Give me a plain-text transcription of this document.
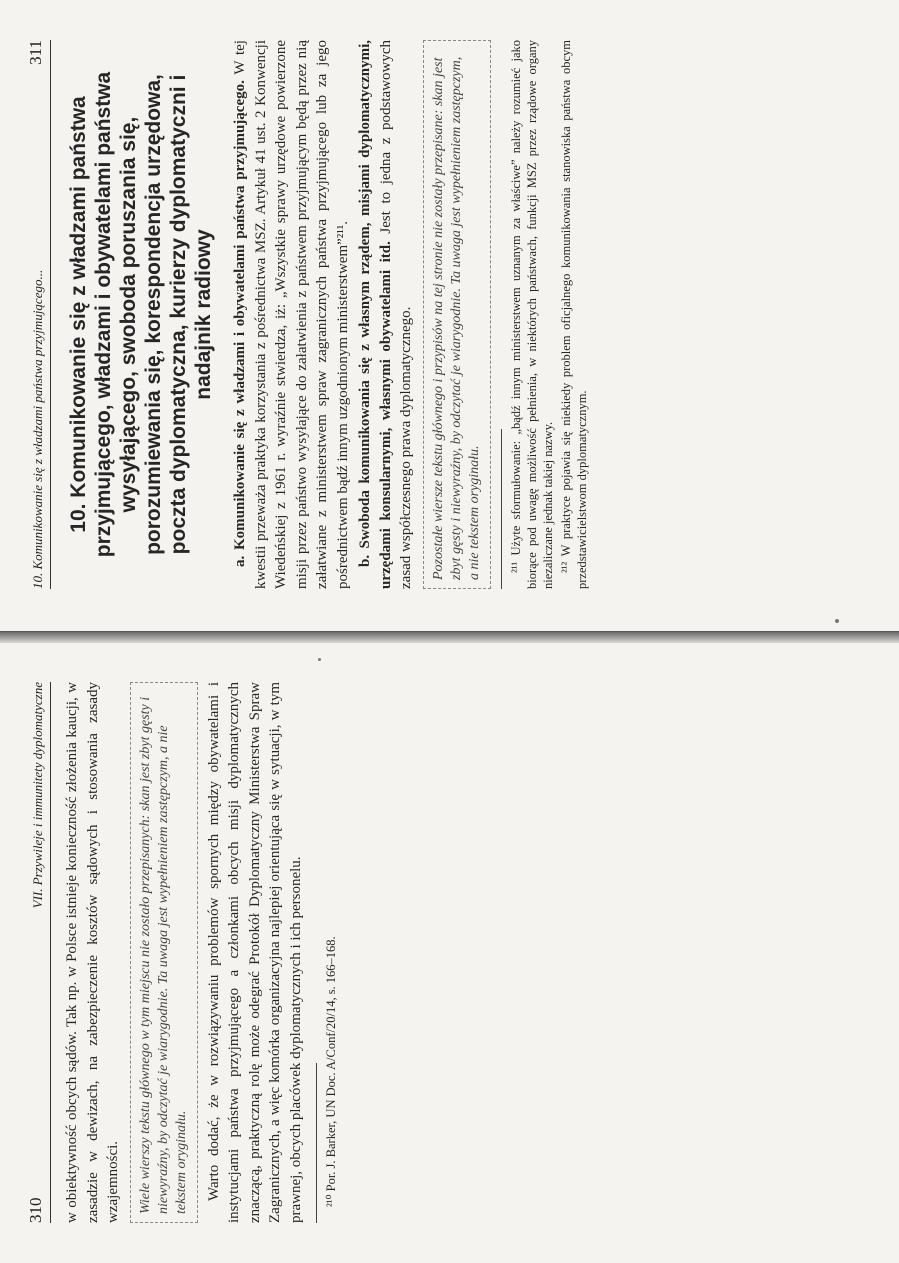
310
VII. Przywileje i immunitety dyplomatyczne w obiektywność obcych sądów. Tak np. w Polsce istnieje konieczność złożenia kaucji, w zasadzie w dewizach, na zabezpieczenie kosztów sądowych i stosowania zasady wzajemności.	Wiele wierszy tekstu głównego w tym miejscu nie zostało przepisanych: skan jest zbyt gęsty i niewyraźny, by odczytać je wiarygodnie. Ta uwaga jest wypełnieniem zastępczym, a nie tekstem oryginału.	Warto dodać, że w rozwiązywaniu problemów spornych między obywatelami i instytucjami państwa przyjmującego a członkami obcych misji dyplomatycznych znaczącą, praktyczną rolę może odegrać Protokół Dyplomatyczny Ministerstwa Spraw Zagranicznych, a więc komórka organizacyjna najlepiej orientująca się w sytuacji, w tym prawnej, obcych placówek dyplomatycznych i ich personelu. ²¹⁰ Por. J. Barker, UN Doc. A/Conf/20/14, s. 166–168.

10. Komunikowanie się z władzami państwa przyjmującego...
311
10. Komunikowanie się z władzami państwa przyjmującego, władzami i obywatelami państwa wysyłającego, swoboda poruszania się, porozumiewania się, korespondencja urzędowa, poczta dyplomatyczna, kurierzy dyplomatyczni i nadajnik radiowy a. Komunikowanie się z władzami i obywatelami państwa przyjmującego. W tej kwestii przeważa praktyka korzystania z pośrednictwa MSZ. Artykuł 41 ust. 2 Konwencji Wiedeńskiej z 1961 r. wyraźnie stwierdza, iż: „Wszystkie sprawy urzędowe powierzone misji przez państwo wysyłające do załatwienia z państwem przyjmującym będą przez nią załatwiane z ministerstwem spraw zagranicznych państwa przyjmującego lub za jego pośrednictwem bądź innym uzgodnionym ministerstwem”²¹¹. b. Swoboda komunikowania się z własnym rządem, misjami dyplomatycznymi, urzędami konsularnymi, własnymi obywatelami itd. Jest to jedna z podstawowych zasad współczesnego prawa dyplomatycznego.	Pozostałe wiersze tekstu głównego i przypisów na tej stronie nie zostały przepisane: skan jest zbyt gęsty i niewyraźny, by odczytać je wiarygodnie. Ta uwaga jest wypełnieniem zastępczym, a nie tekstem oryginału.	²¹¹ Użyte sformułowanie: „bądź innym ministerstwem uznanym za właściwe” należy rozumieć jako biorące pod uwagę możliwość pełnienia, w niektórych państwach, funkcji MSZ przez rządowe organy niezaliczane jednak takiej nazwy. ²¹² W praktyce pojawia się niekiedy problem oficjalnego komunikowania stanowiska państwa obcym przedstawicielstwom dyplomatycznym.
